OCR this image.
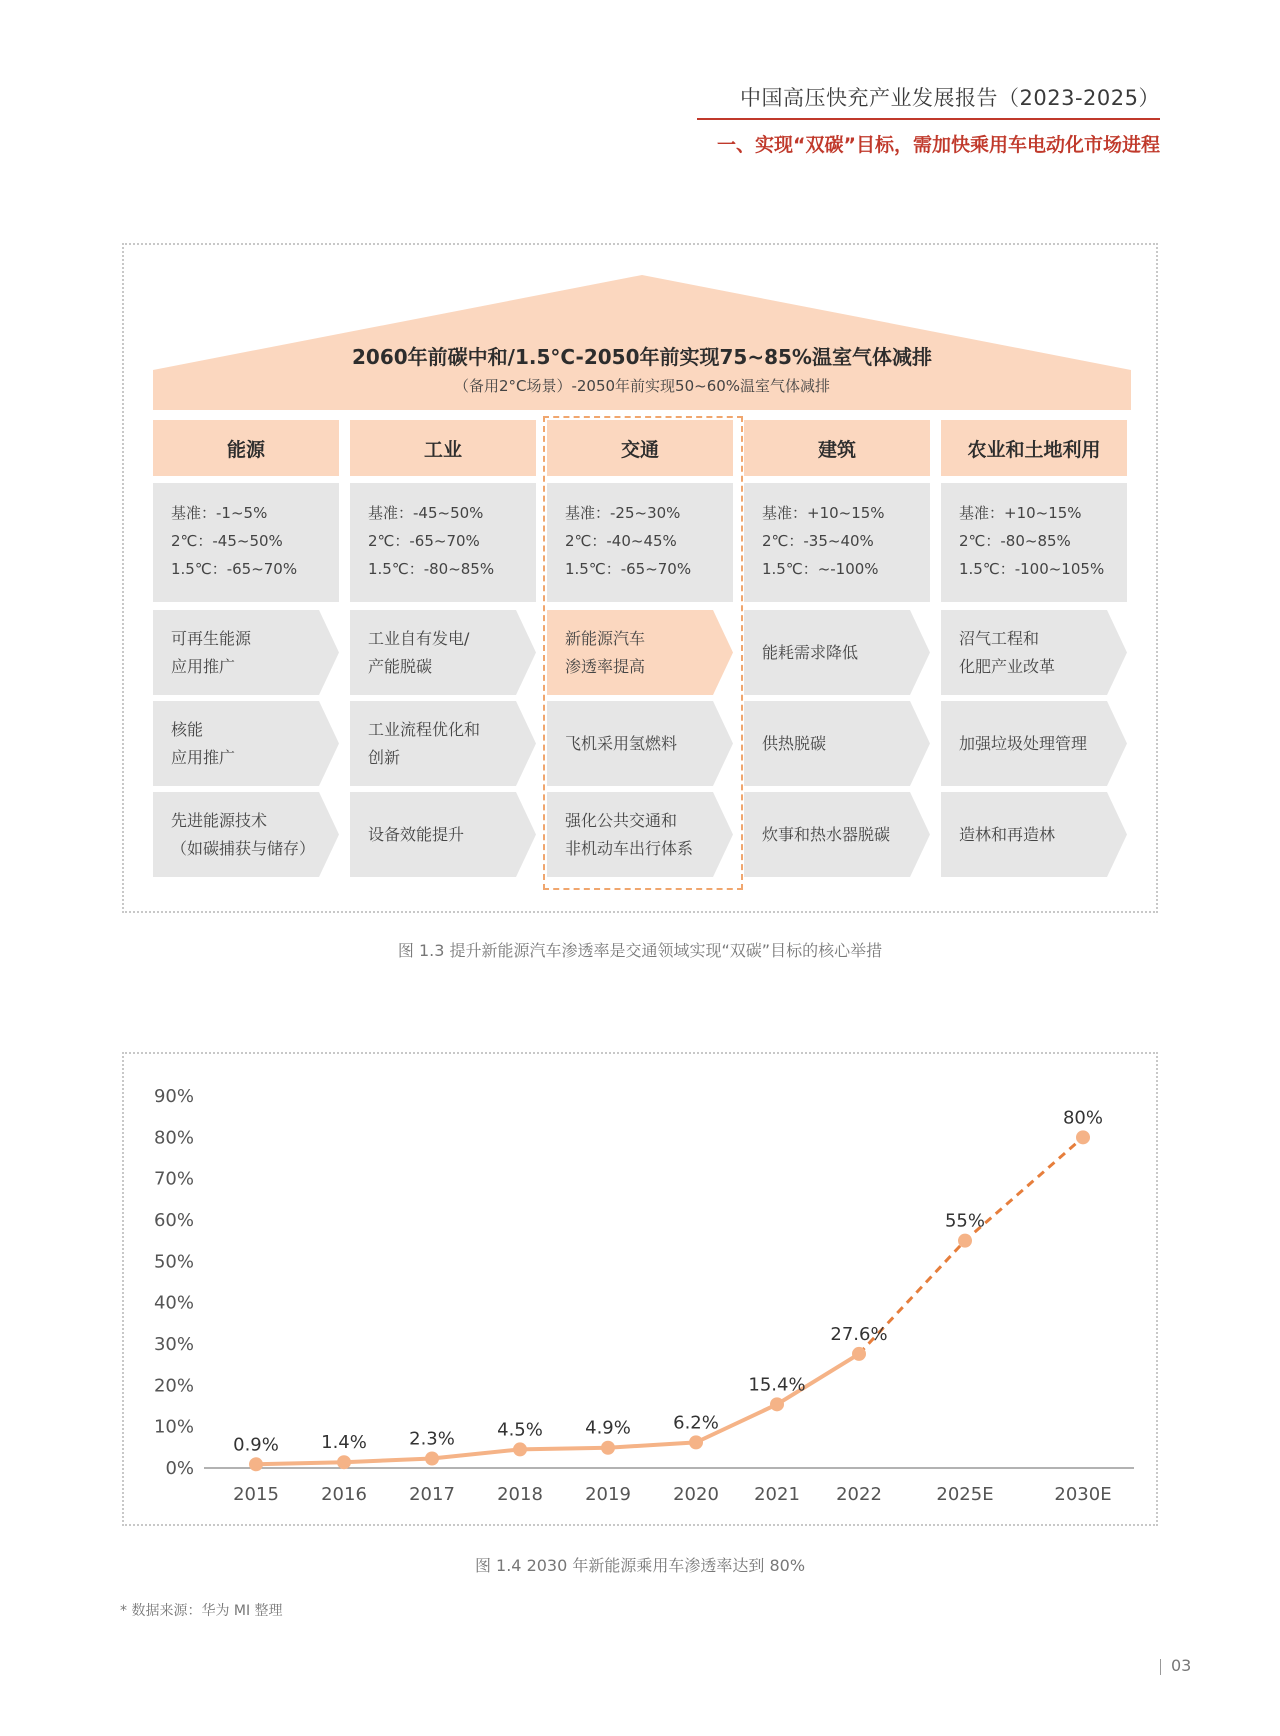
中国高压快充产业发展报告（2023-2025）
一、实现“双碳”目标，需加快乘用车电动化市场进程
2060年前碳中和/1.5°C-2050年前实现75~85%温室气体减排
（备用2°C场景）-2050年前实现50~60%温室气体减排
能源
基准：-1~5%
2℃：-45~50%
1.5℃：-65~70%
可再生能源
应用推广
核能
应用推广
先进能源技术
（如碳捕获与储存）
工业
基准：-45~50%
2℃：-65~70%
1.5℃：-80~85%
工业自有发电/
产能脱碳
工业流程优化和
创新
设备效能提升
交通
基准：-25~30%
2℃：-40~45%
1.5℃：-65~70%
新能源汽车
渗透率提高
飞机采用氢燃料
强化公共交通和
非机动车出行体系
建筑
基准：+10~15%
2℃：-35~40%
1.5℃：~-100%
能耗需求降低
供热脱碳
炊事和热水器脱碳
农业和土地利用
基准：+10~15%
2℃：-80~85%
1.5℃：-100~105%
沼气工程和
化肥产业改革
加强垃圾处理管理
造林和再造林
图 1.3 提升新能源汽车渗透率是交通领域实现“双碳”目标的核心举措
0%
10%
20%
30%
40%
50%
60%
70%
80%
90%
2015 2016 2017 2018 2019 2020 2021 2022	2025E	2030E
0.9% 1.4% 2.3% 4.5% 4.9% 6.2%
15.4%
27.6%
55%
80%
图 1.4 2030 年新能源乘用车渗透率达到 80%
* 数据来源：华为 MI 整理
03
